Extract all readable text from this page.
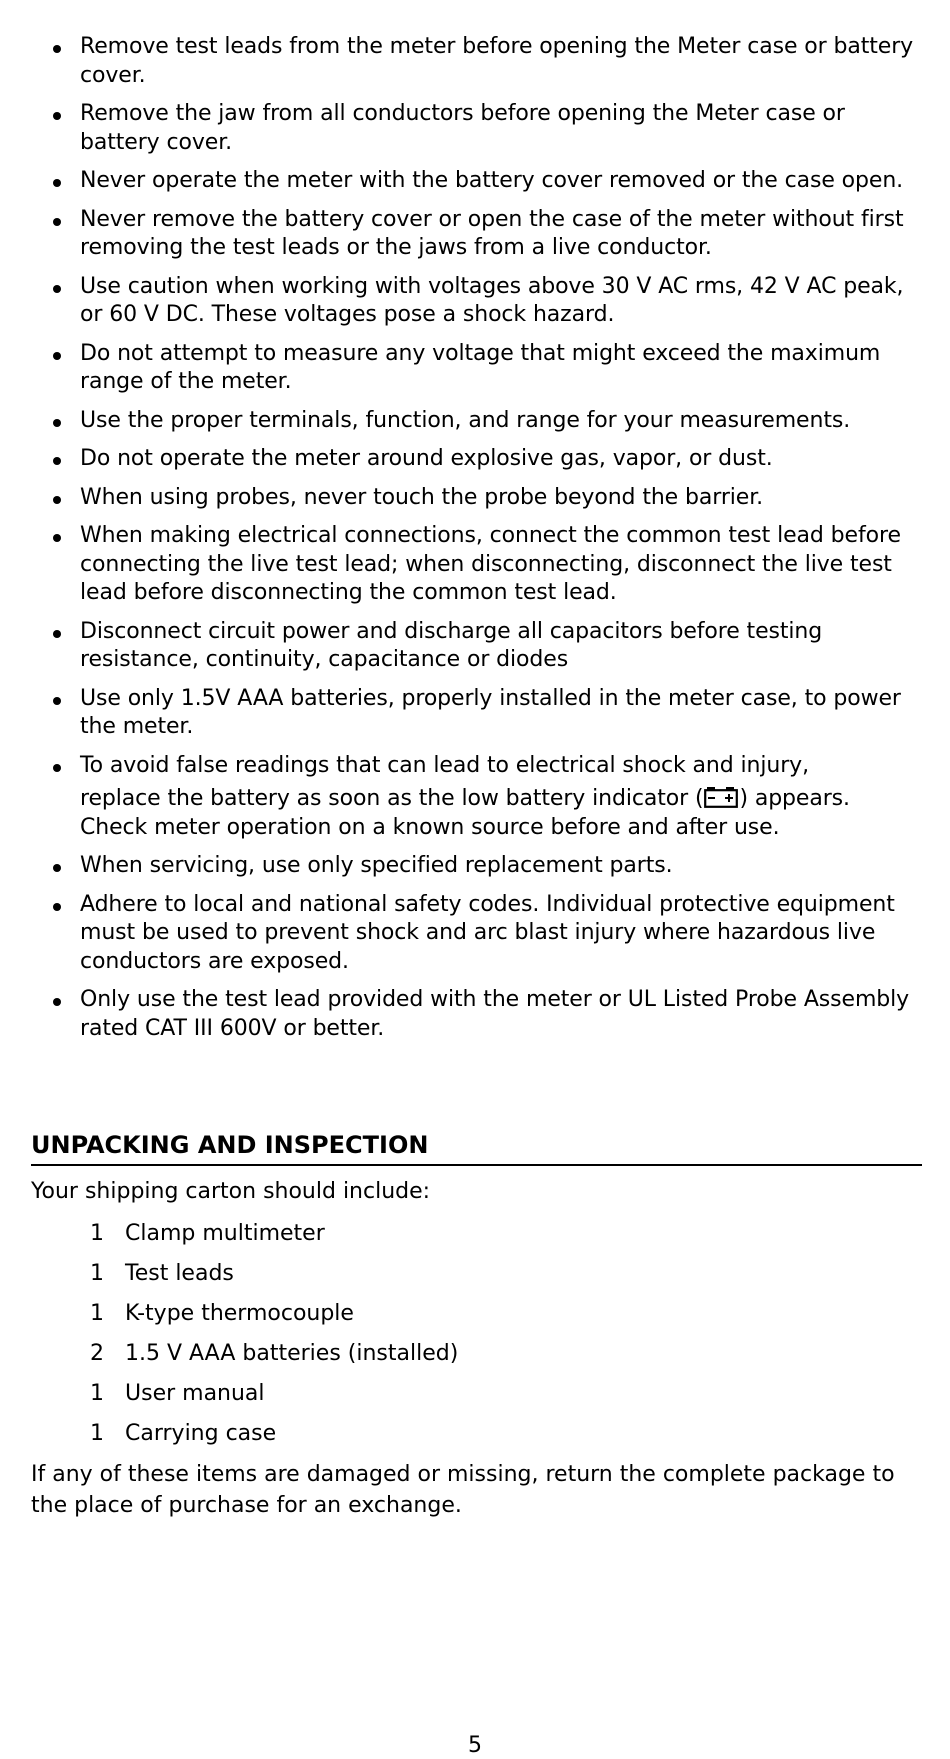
Remove test leads from the meter before opening the Meter case or battery cover.
Remove the jaw from all conductors before opening the Meter case or battery cover.
Never operate the meter with the battery cover removed or the case open.
Never remove the battery cover or open the case of the meter without first removing the test leads or the jaws from a live conductor.
Use caution when working with voltages above 30 V AC rms, 42 V AC peak, or 60 V DC. These voltages pose a shock hazard.
Do not attempt to measure any voltage that might exceed the maximum range of the meter.
Use the proper terminals, function, and range for your measurements.
Do not operate the meter around explosive gas, vapor, or dust.
When using probes, never touch the probe beyond the barrier.
When making electrical connections, connect the common test lead before connecting the live test lead; when disconnecting, disconnect the live test lead before disconnecting the common test lead.
Disconnect circuit power and discharge all capacitors before testing resistance, continuity, capacitance or diodes
Use only 1.5V AAA batteries, properly installed in the meter case, to power the meter.
To avoid false readings that can lead to electrical shock and injury,
replace the battery as soon as the low battery indicator ( ) appears.
Check meter operation on a known source before and after use.
When servicing, use only specified replacement parts.
Adhere to local and national safety codes. Individual protective equipment must be used to prevent shock and arc blast injury where hazardous live conductors are exposed.
Only use the test lead provided with the meter or UL Listed Probe Assembly rated CAT III 600V or better.
UNPACKING AND INSPECTION

Your shipping carton should include:

1 Clamp multimeter
1 Test leads
1 K-type thermocouple
2 1.5 V AAA batteries (installed)
1 User manual
1 Carrying case

If any of these items are damaged or missing, return the complete package to the place of purchase for an exchange.

5
